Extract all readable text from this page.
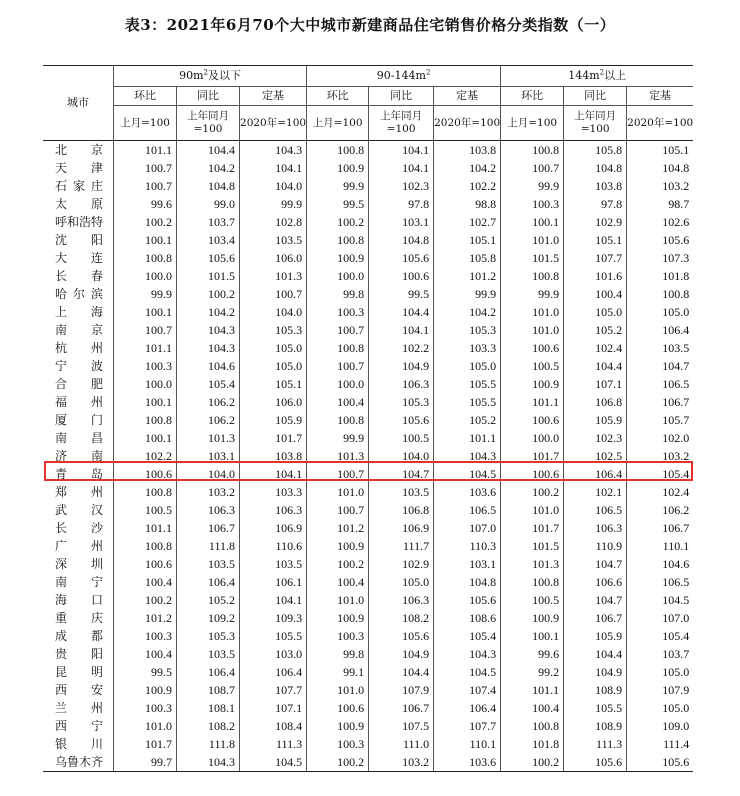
表3：2021年6月70个大中城市新建商品住宅销售价格分类指数（一）
城市	$90m^2$及以下			$90-144m^2$			$144m^2$以上		
	环比	同比	定基	环比	同比	定基	环比	同比	定基
	上月=100	上年同月=100	2020年=100	上月=100	上年同月=100	2020年=100	上月=100	上年同月=100	2020年=100
北京	101.1	104.4	104.3	100.8	104.1	103.8	100.8	105.8	105.1
天津	100.7	104.2	104.1	100.9	104.1	104.2	100.7	104.8	104.8
石家庄	100.7	104.8	104.0	99.9	102.3	102.2	99.9	103.8	103.2
太原	99.6	99.0	99.9	99.5	97.8	98.8	100.3	97.8	98.7
呼和浩特	100.2	103.7	102.8	100.2	103.1	102.7	100.1	102.9	102.6
沈阳	100.1	103.4	103.5	100.8	104.8	105.1	101.0	105.1	105.6
大连	100.8	105.6	106.0	100.9	105.6	105.8	101.5	107.7	107.3
长春	100.0	101.5	101.3	100.0	100.6	101.2	100.8	101.6	101.8
哈尔滨	99.9	100.2	100.7	99.8	99.5	99.9	99.9	100.4	100.8
上海	100.1	104.2	104.0	100.3	104.4	104.2	101.0	105.0	105.0
南京	100.7	104.3	105.3	100.7	104.1	105.3	101.0	105.2	106.4
杭州	101.1	104.3	105.0	100.8	102.2	103.3	100.6	102.4	103.5
宁波	100.3	104.6	105.0	100.7	104.9	105.0	100.5	104.4	104.7
合肥	100.0	105.4	105.1	100.0	106.3	105.5	100.9	107.1	106.5
福州	100.1	106.2	106.0	100.4	105.3	105.5	101.1	106.8	106.7
厦门	100.8	106.2	105.9	100.8	105.6	105.2	100.6	105.9	105.7
南昌	100.1	101.3	101.7	99.9	100.5	101.1	100.0	102.3	102.0
济南	102.2	103.1	103.8	101.3	104.0	104.3	101.7	102.5	103.2
青岛	100.6	104.0	104.1	100.7	104.7	104.5	100.6	106.4	105.4
郑州	100.8	103.2	103.3	101.0	103.5	103.6	100.2	102.1	102.4
武汉	100.5	106.3	106.3	100.7	106.8	106.5	101.0	106.5	106.2
长沙	101.1	106.7	106.9	101.2	106.9	107.0	101.7	106.3	106.7
广州	100.8	111.8	110.6	100.9	111.7	110.3	101.5	110.9	110.1
深圳	100.6	103.5	103.5	100.2	102.9	103.1	101.3	104.7	104.6
南宁	100.4	106.4	106.1	100.4	105.0	104.8	100.8	106.6	106.5
海口	100.2	105.2	104.1	101.0	106.3	105.6	100.5	104.7	104.5
重庆	101.2	109.2	109.3	100.9	108.2	108.6	100.9	106.7	107.0
成都	100.3	105.3	105.5	100.3	105.6	105.4	100.1	105.9	105.4
贵阳	100.4	103.5	103.0	99.8	104.9	104.3	99.6	104.4	103.7
昆明	99.5	106.4	106.4	99.1	104.4	104.5	99.2	104.9	105.0
西安	100.9	108.7	107.7	101.0	107.9	107.4	101.1	108.9	107.9
兰州	100.3	108.1	107.1	100.6	106.7	106.4	100.4	105.5	105.0
西宁	101.0	108.2	108.4	100.9	107.5	107.7	100.8	108.9	109.0
银川	101.7	111.8	111.3	100.3	111.0	110.1	101.8	111.3	111.4
乌鲁木齐	99.7	104.3	104.5	100.2	103.2	103.6	100.2	105.6	105.6
